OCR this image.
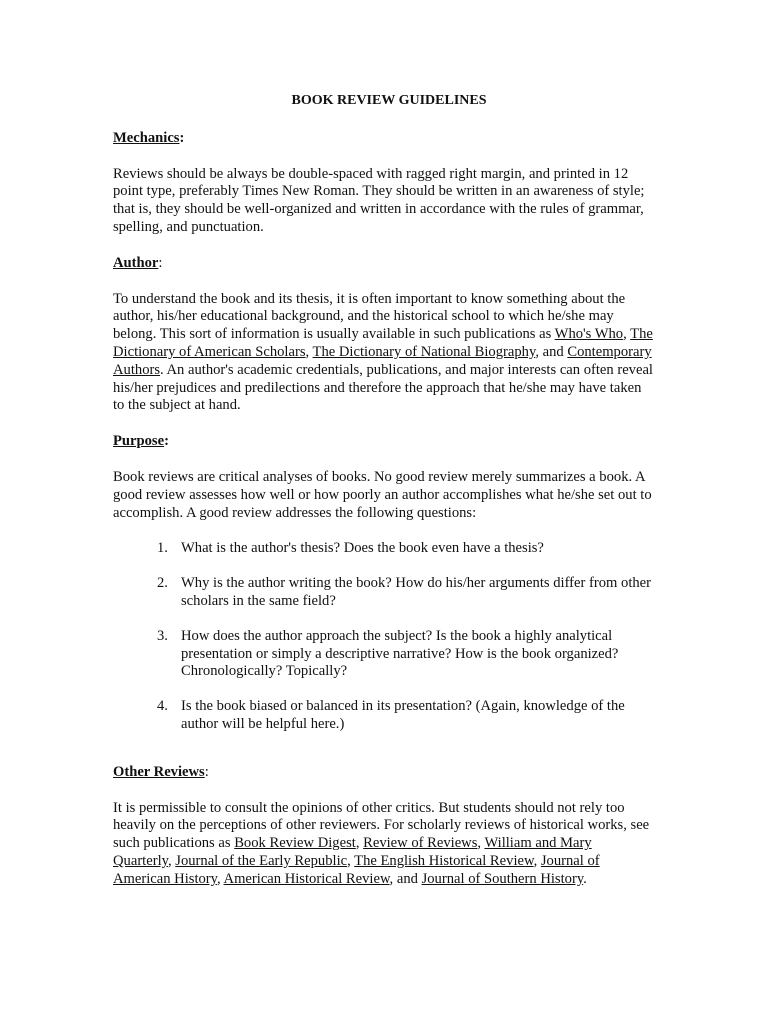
BOOK REVIEW GUIDELINES
Mechanics:
Reviews should be always be double-spaced with ragged right margin, and printed in 12 point type, preferably Times New Roman. They should be written in an awareness of style; that is, they should be well-organized and written in accordance with the rules of grammar, spelling, and punctuation.
Author:
To understand the book and its thesis, it is often important to know something about the author, his/her educational background, and the historical school to which he/she may belong. This sort of information is usually available in such publications as Who's Who, The Dictionary of American Scholars, The Dictionary of National Biography, and Contemporary Authors. An author's academic credentials, publications, and major interests can often reveal his/her prejudices and predilections and therefore the approach that he/she may have taken to the subject at hand.
Purpose:
Book reviews are critical analyses of books. No good review merely summarizes a book. A good review assesses how well or how poorly an author accomplishes what he/she set out to accomplish. A good review addresses the following questions:
1. What is the author's thesis? Does the book even have a thesis?
2. Why is the author writing the book? How do his/her arguments differ from other scholars in the same field?
3. How does the author approach the subject? Is the book a highly analytical presentation or simply a descriptive narrative? How is the book organized? Chronologically? Topically?
4. Is the book biased or balanced in its presentation? (Again, knowledge of the author will be helpful here.)
Other Reviews:
It is permissible to consult the opinions of other critics. But students should not rely too heavily on the perceptions of other reviewers. For scholarly reviews of historical works, see such publications as Book Review Digest, Review of Reviews, William and Mary Quarterly, Journal of the Early Republic, The English Historical Review, Journal of American History, American Historical Review, and Journal of Southern History.
